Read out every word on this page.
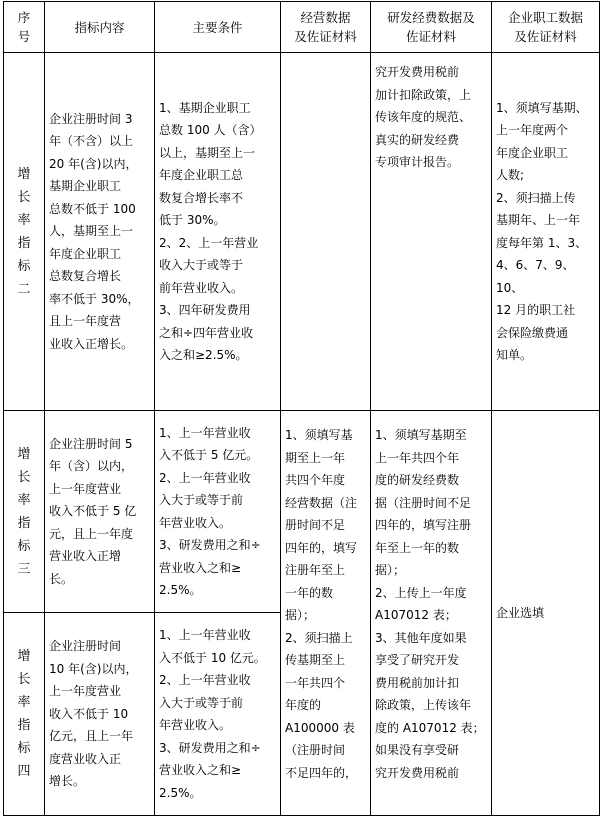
序
号
指标内容	主要条件
经营数据
及佐证材料
研发经费数据及
佐证材料
企业职工数据
及佐证材料
增
长
率
指
标
二
企业注册时间 3
年（不含）以上
20 年(含)以内，
基期企业职工
总数不低于 100
人，基期至上一
年度企业职工
总数复合增长
率不低于 30%，
且上一年度营
业收入正增长。
1、基期企业职工
总数 100 人（含）
以上，基期至上一
年度企业职工总
数复合增长率不
低于 30%。
2、2、上一年营业
收入大于或等于
前年营业收入。
3、四年研发费用
之和÷四年营业收
入之和≥2.5%。
究开发费用税前
加计扣除政策，上
传该年度的规范、
真实的研发经费
专项审计报告。
1、须填写基期、
上一年度两个
年度企业职工
人数;
2、须扫描上传
基期年、上一年
度每年第 1、3、
4、6、7、9、10、
12 月的职工社
会保险缴费通
知单。
增
长
率
指
标
三
企业注册时间 5
年（含）以内，
上一年度营业
收入不低于 5 亿
元，且上一年度
营业收入正增
长。
1、上一年营业收
入不低于 5 亿元。
2、上一年营业收
入大于或等于前
年营业收入。
3、研发费用之和÷
营业收入之和≥
2.5%。
增
长
率
指
标
四
企业注册时间
10 年(含)以内，
上一年度营业
收入不低于 10
亿元，且上一年
度营业收入正
增长。
1、上一年营业收
入不低于 10 亿元。
2、上一年营业收
入大于或等于前
年营业收入。
3、研发费用之和÷
营业收入之和≥
2.5%。
1、须填写基
期至上一年
共四个年度
经营数据（注
册时间不足
四年的，填写
注册年至上
一年的数
据）；
2、须扫描上
传基期至上
一年共四个
年度的
A100000 表
（注册时间
不足四年的，
1、须填写基期至
上一年共四个年
度的研发经费数
据（注册时间不足
四年的，填写注册
年至上一年的数
据）；
2、上传上一年度
A107012 表；
3、其他年度如果
享受了研究开发
费用税前加计扣
除政策，上传该年
度的 A107012 表；
如果没有享受研
究开发费用税前
企业选填
